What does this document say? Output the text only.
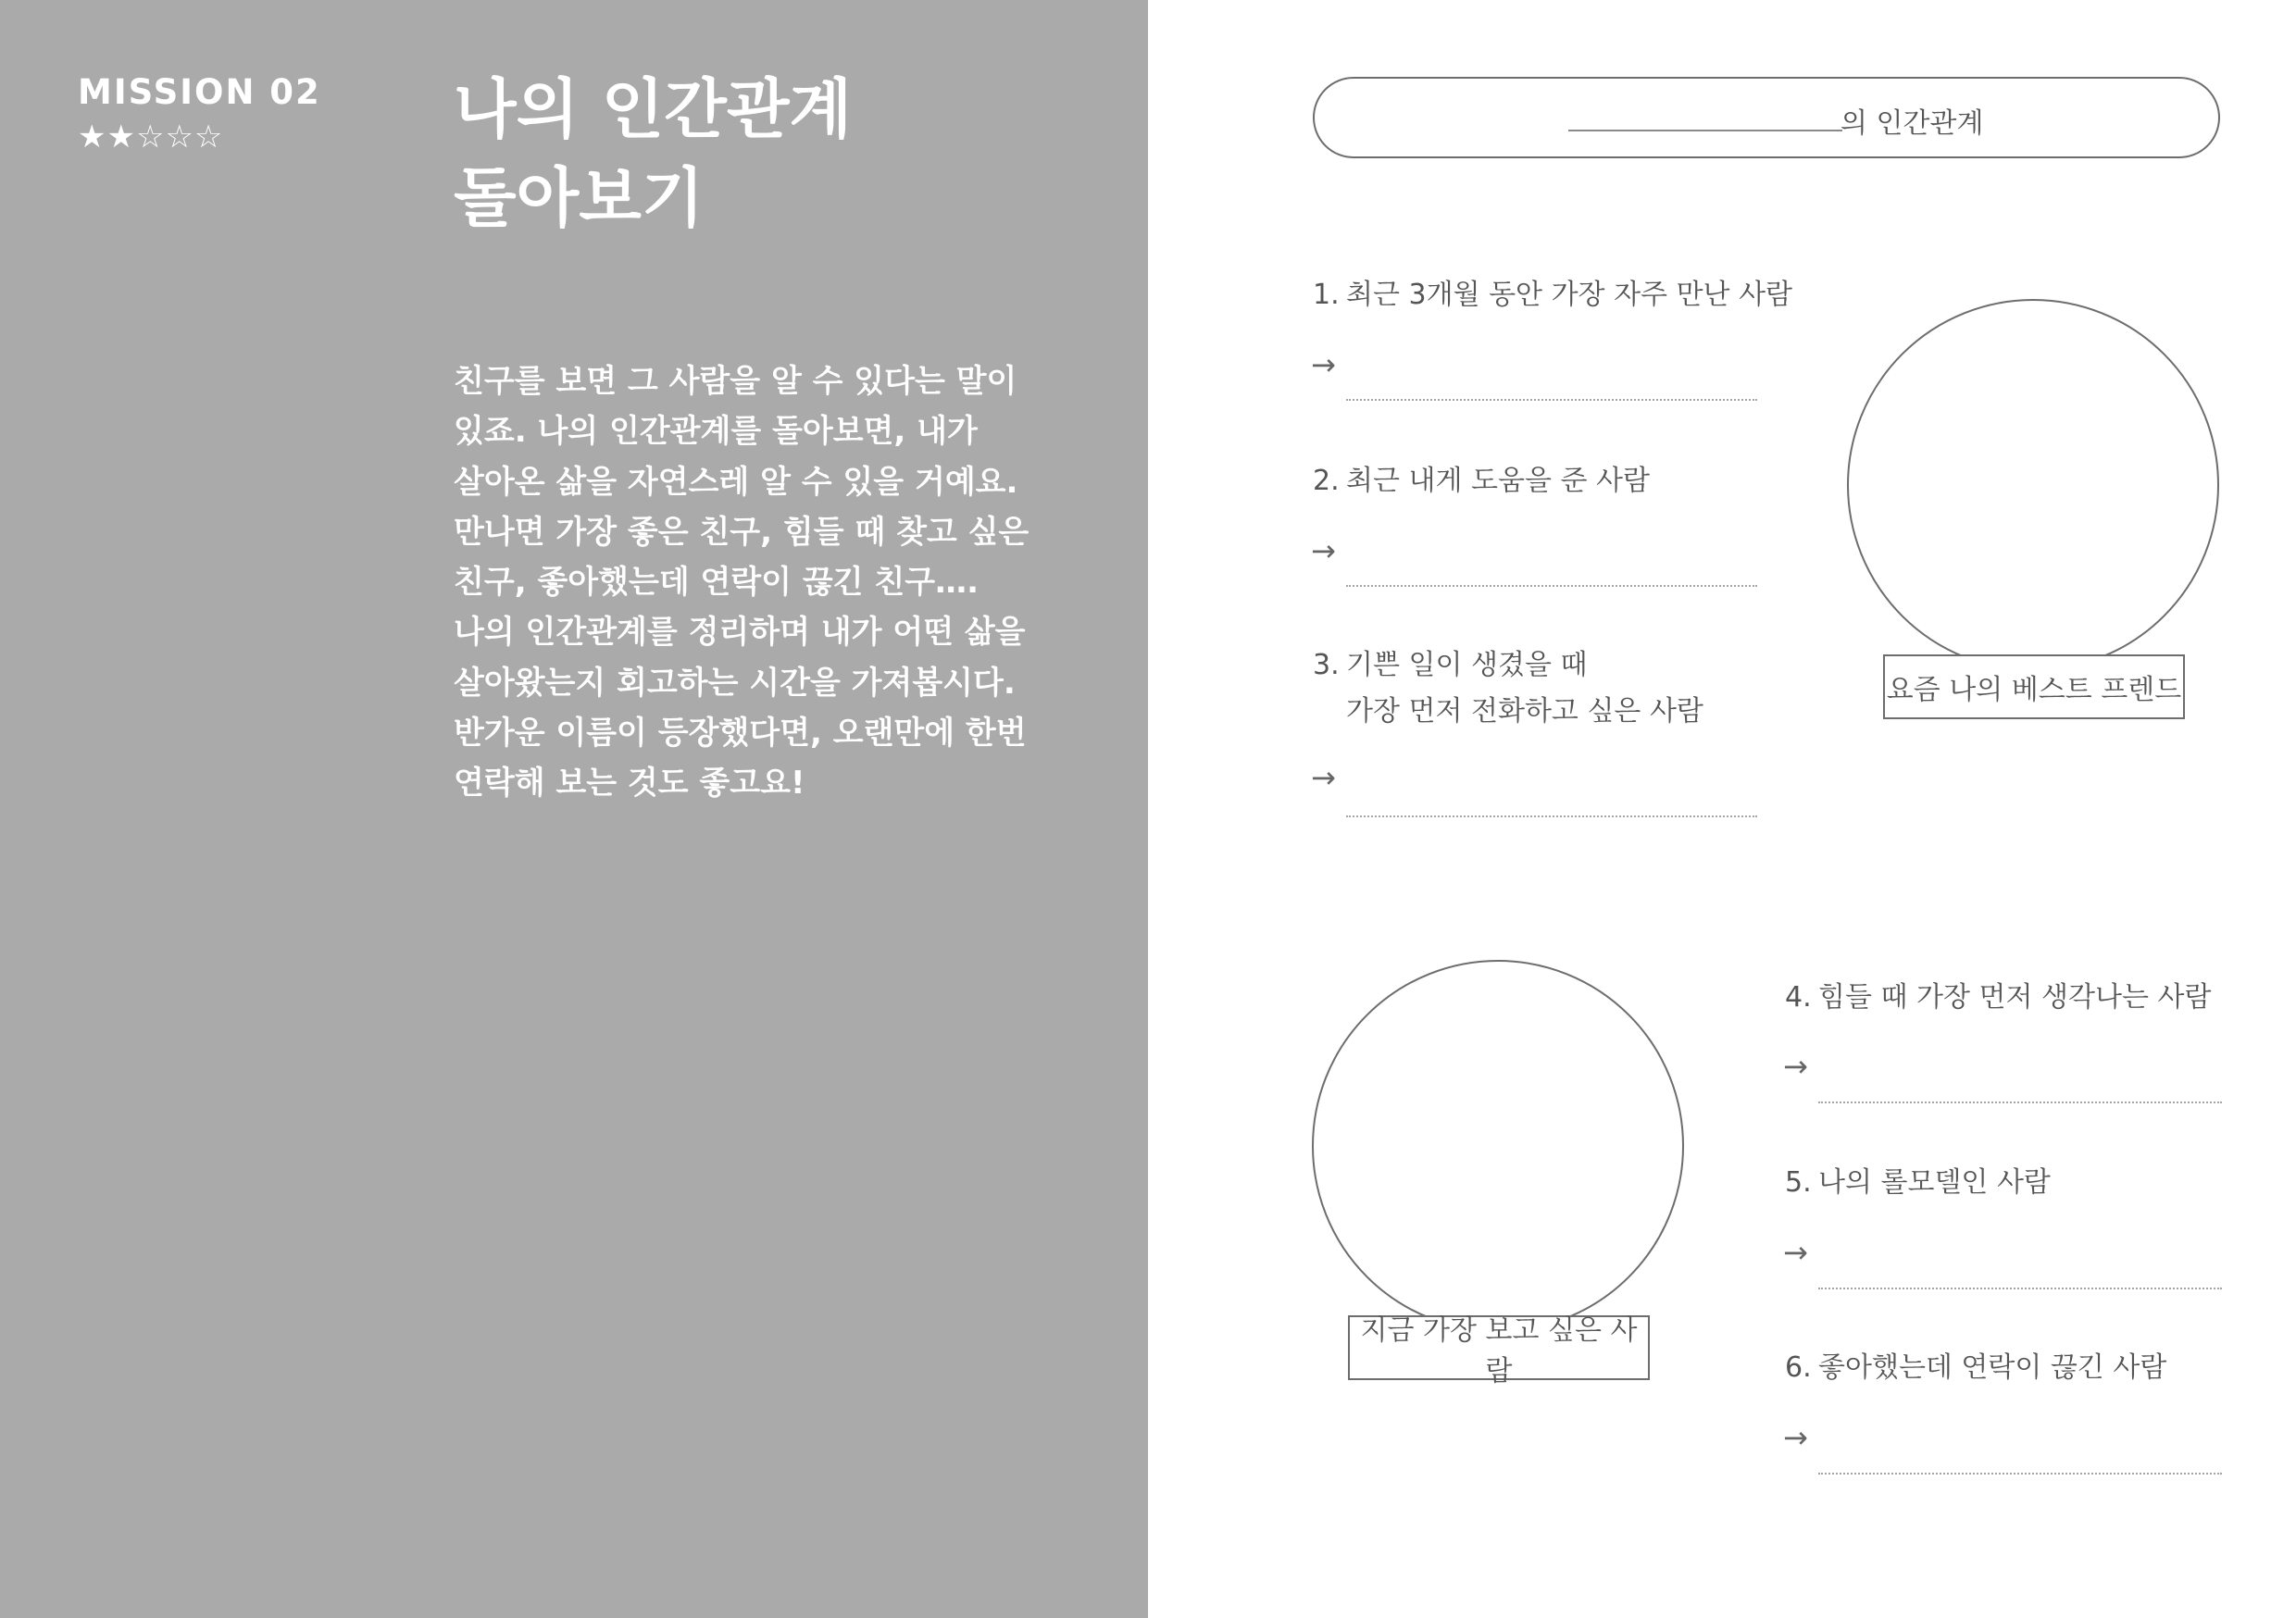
MISSION 02
★★☆☆☆	나의 인간관계
돌아보기
친구를 보면 그 사람을 알 수 있다는 말이
있죠. 나의 인간관계를 돌아보면, 내가
살아온 삶을 자연스레 알 수 있을 거예요.
만나면 가장 좋은 친구, 힘들 때 찾고 싶은
친구, 좋아했는데 연락이 끊긴 친구….
나의 인간관계를 정리하며 내가 어떤 삶을
살아왔는지 회고하는 시간을 가져봅시다.
반가운 이름이 등장했다면, 오랜만에 한번
연락해 보는 것도 좋고요!
의 인간관계
1. 최근 3개월 동안 가장 자주 만난 사람
→
2. 최근 내게 도움을 준 사람
→
3. 기쁜 일이 생겼을 때
가장 먼저 전화하고 싶은 사람
→
요즘 나의 베스트 프렌드
지금 가장 보고 싶은 사람
4. 힘들 때 가장 먼저 생각나는 사람
→
5. 나의 롤모델인 사람
→
6. 좋아했는데 연락이 끊긴 사람
→
